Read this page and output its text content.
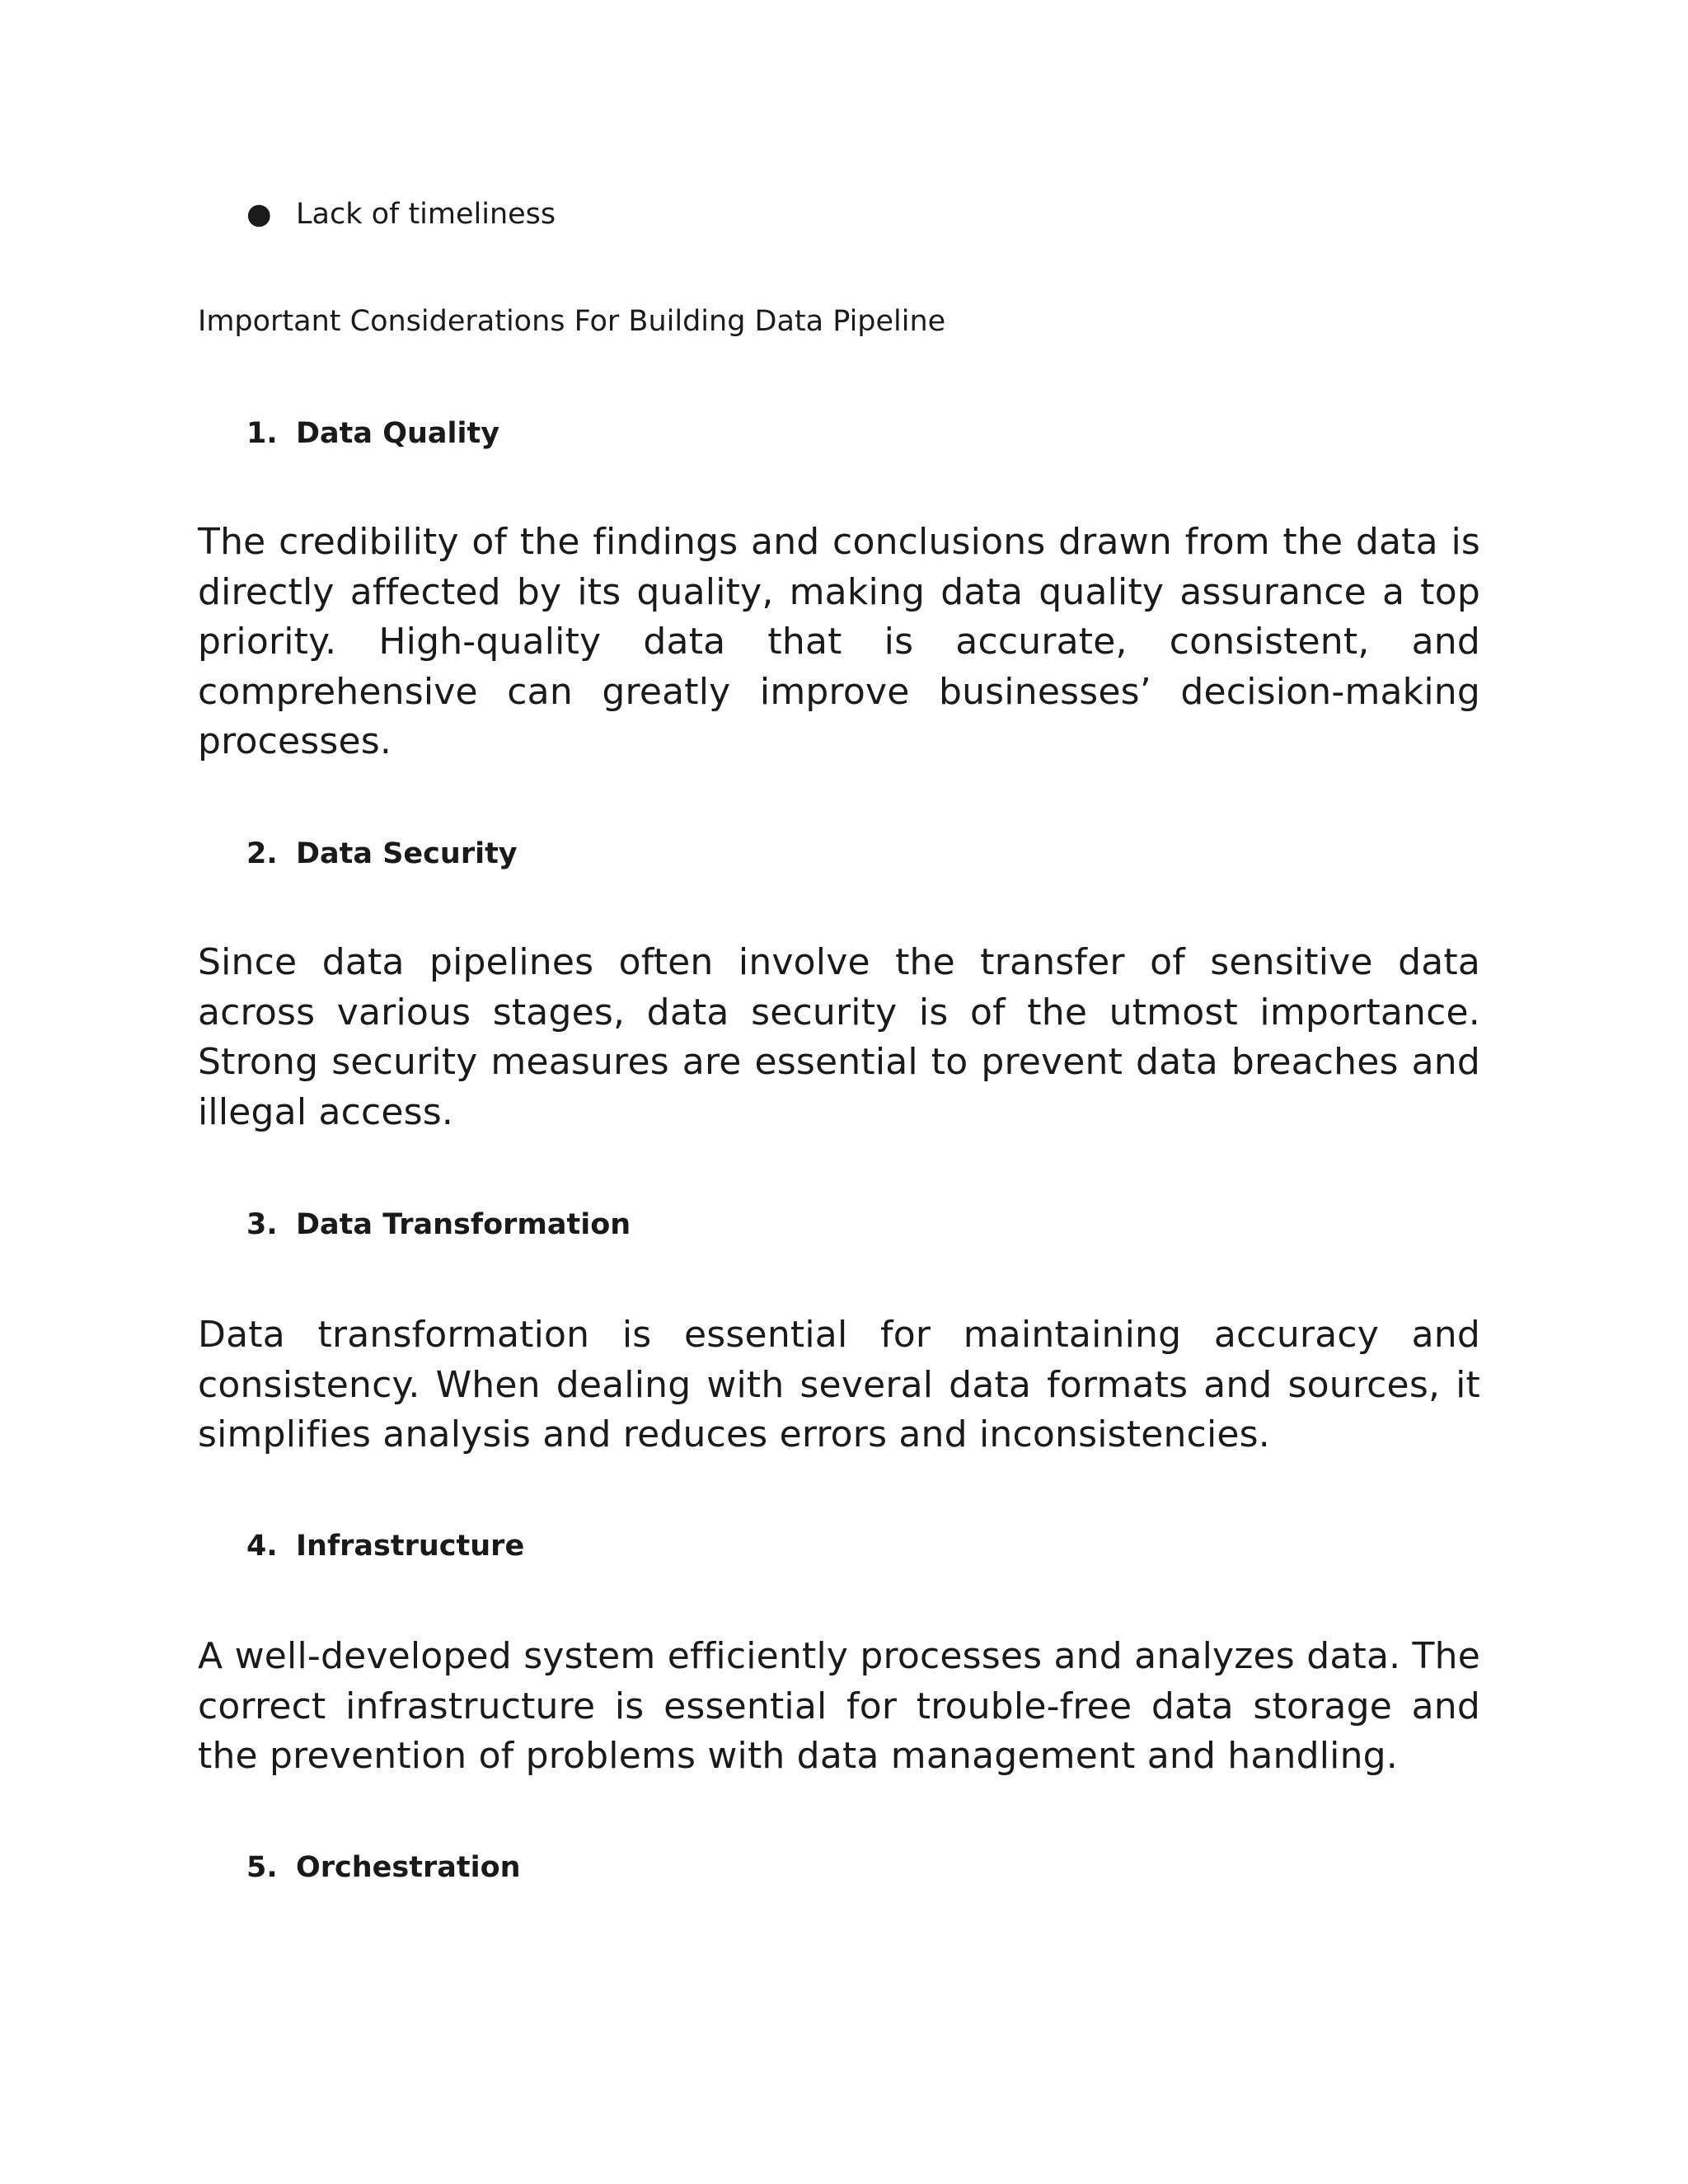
● Lack of timeliness
Important Considerations For Building Data Pipeline
1. Data Quality
The credibility of the findings and conclusions drawn from the data is directly affected by its quality, making data quality assurance a top priority. High-quality data that is accurate, consistent, and comprehensive can greatly improve businesses’ decision-making processes.
2. Data Security
Since data pipelines often involve the transfer of sensitive data across various stages, data security is of the utmost importance. Strong security measures are essential to prevent data breaches and illegal access.
3. Data Transformation
Data transformation is essential for maintaining accuracy and consistency. When dealing with several data formats and sources, it simplifies analysis and reduces errors and inconsistencies.
4. Infrastructure
A well-developed system efficiently processes and analyzes data. The correct infrastructure is essential for trouble-free data storage and the prevention of problems with data management and handling.
5. Orchestration
